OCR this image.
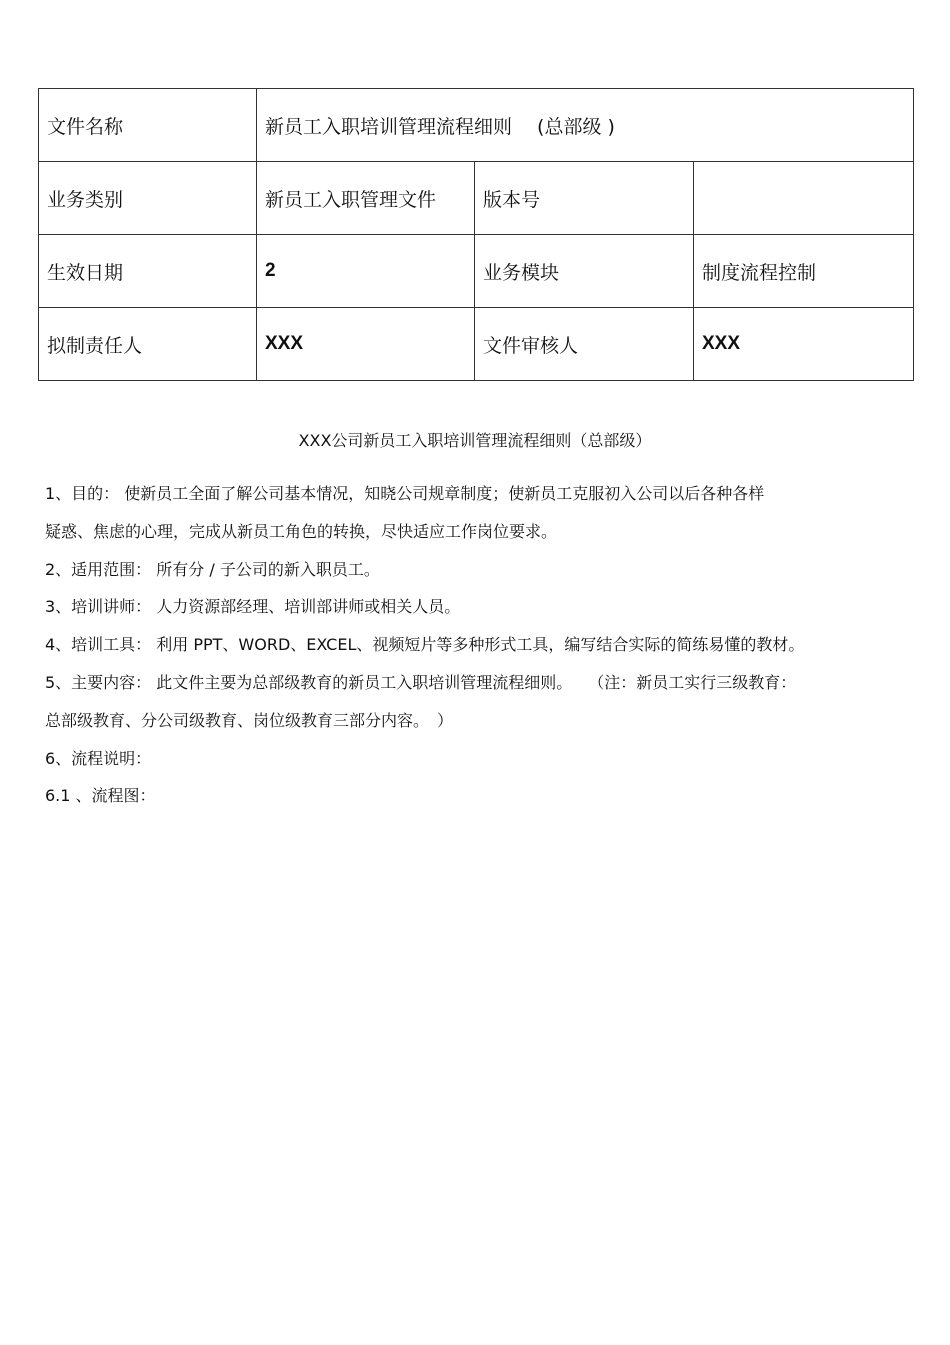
文件名称	新员工入职培训管理流程细则　 (总部级 )		
业务类别	新员工入职管理文件	版本号	
生效日期	2	业务模块	制度流程控制
拟制责任人	XXX	文件审核人	XXX
XXX公司新员工入职培训管理流程细则（总部级）
1、目的： 使新员工全面了解公司基本情况，知晓公司规章制度；使新员工克服初入公司以后各种各样
疑惑、焦虑的心理，完成从新员工角色的转换，尽快适应工作岗位要求。
2、适用范围： 所有分 / 子公司的新入职员工。
3、培训讲师： 人力资源部经理、培训部讲师或相关人员。
4、培训工具： 利用 PPT、WORD、EXCEL、视频短片等多种形式工具，编写结合实际的简练易懂的教材。
5、主要内容： 此文件主要为总部级教育的新员工入职培训管理流程细则。　　（注：新员工实行三级教育：
总部级教育、分公司级教育、岗位级教育三部分内容。　）
6、流程说明：
6.1 、流程图：
